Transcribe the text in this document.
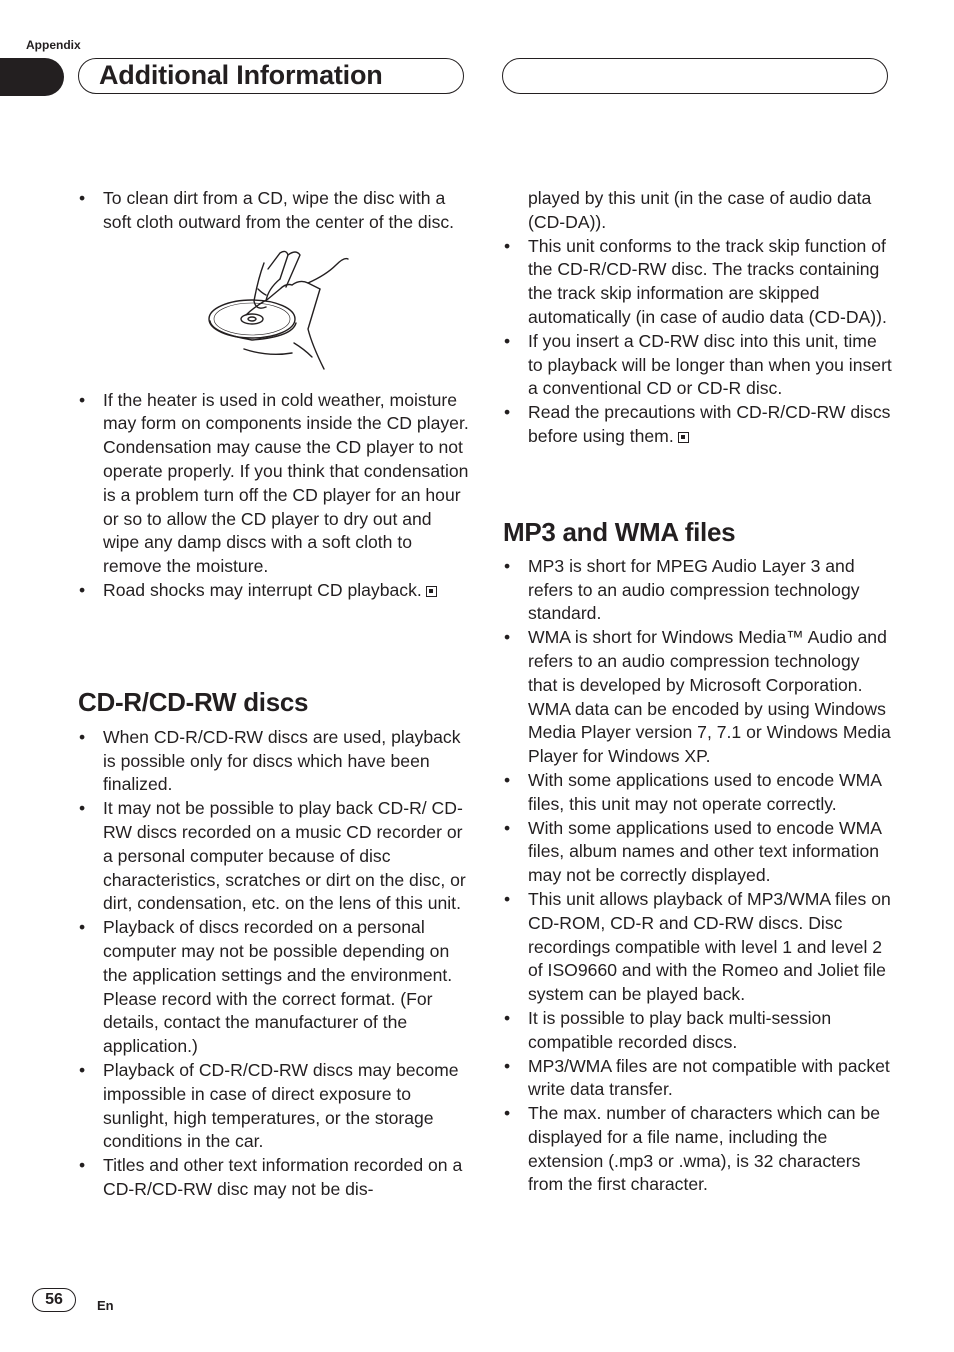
Appendix
Additional Information
• To clean dirt from a CD, wipe the disc with a soft cloth outward from the center of the disc.
• If the heater is used in cold weather, moisture may form on components inside the CD player. Condensation may cause the CD player to not operate properly. If you think that condensation is a problem turn off the CD player for an hour or so to allow the CD player to dry out and wipe any damp discs with a soft cloth to remove the moisture.
• Road shocks may interrupt CD playback.
CD-R/CD-RW discs
• When CD-R/CD-RW discs are used, playback is possible only for discs which have been finalized.
• It may not be possible to play back CD-R/ CD-RW discs recorded on a music CD recorder or a personal computer because of disc characteristics, scratches or dirt on the disc, or dirt, condensation, etc. on the lens of this unit.
• Playback of discs recorded on a personal computer may not be possible depending on the application settings and the environment. Please record with the correct format. (For details, contact the manufacturer of the application.)
• Playback of CD-R/CD-RW discs may become impossible in case of direct exposure to sunlight, high temperatures, or the storage conditions in the car.
• Titles and other text information recorded on a CD-R/CD-RW disc may not be dis-
played by this unit (in the case of audio data (CD-DA)).
• This unit conforms to the track skip function of the CD-R/CD-RW disc. The tracks containing the track skip information are skipped automatically (in case of audio data (CD-DA)).
• If you insert a CD-RW disc into this unit, time to playback will be longer than when you insert a conventional CD or CD-R disc.
• Read the precautions with CD-R/CD-RW discs before using them.
MP3 and WMA files
• MP3 is short for MPEG Audio Layer 3 and refers to an audio compression technology standard.
• WMA is short for Windows Media™ Audio and refers to an audio compression technology that is developed by Microsoft Corporation. WMA data can be encoded by using Windows Media Player version 7, 7.1 or Windows Media Player for Windows XP.
• With some applications used to encode WMA files, this unit may not operate correctly.
• With some applications used to encode WMA files, album names and other text information may not be correctly displayed.
• This unit allows playback of MP3/WMA files on CD-ROM, CD-R and CD-RW discs. Disc recordings compatible with level 1 and level 2 of ISO9660 and with the Romeo and Joliet file system can be played back.
• It is possible to play back multi-session compatible recorded discs.
• MP3/WMA files are not compatible with packet write data transfer.
• The max. number of characters which can be displayed for a file name, including the extension (.mp3 or .wma), is 32 characters from the first character.
56	En
